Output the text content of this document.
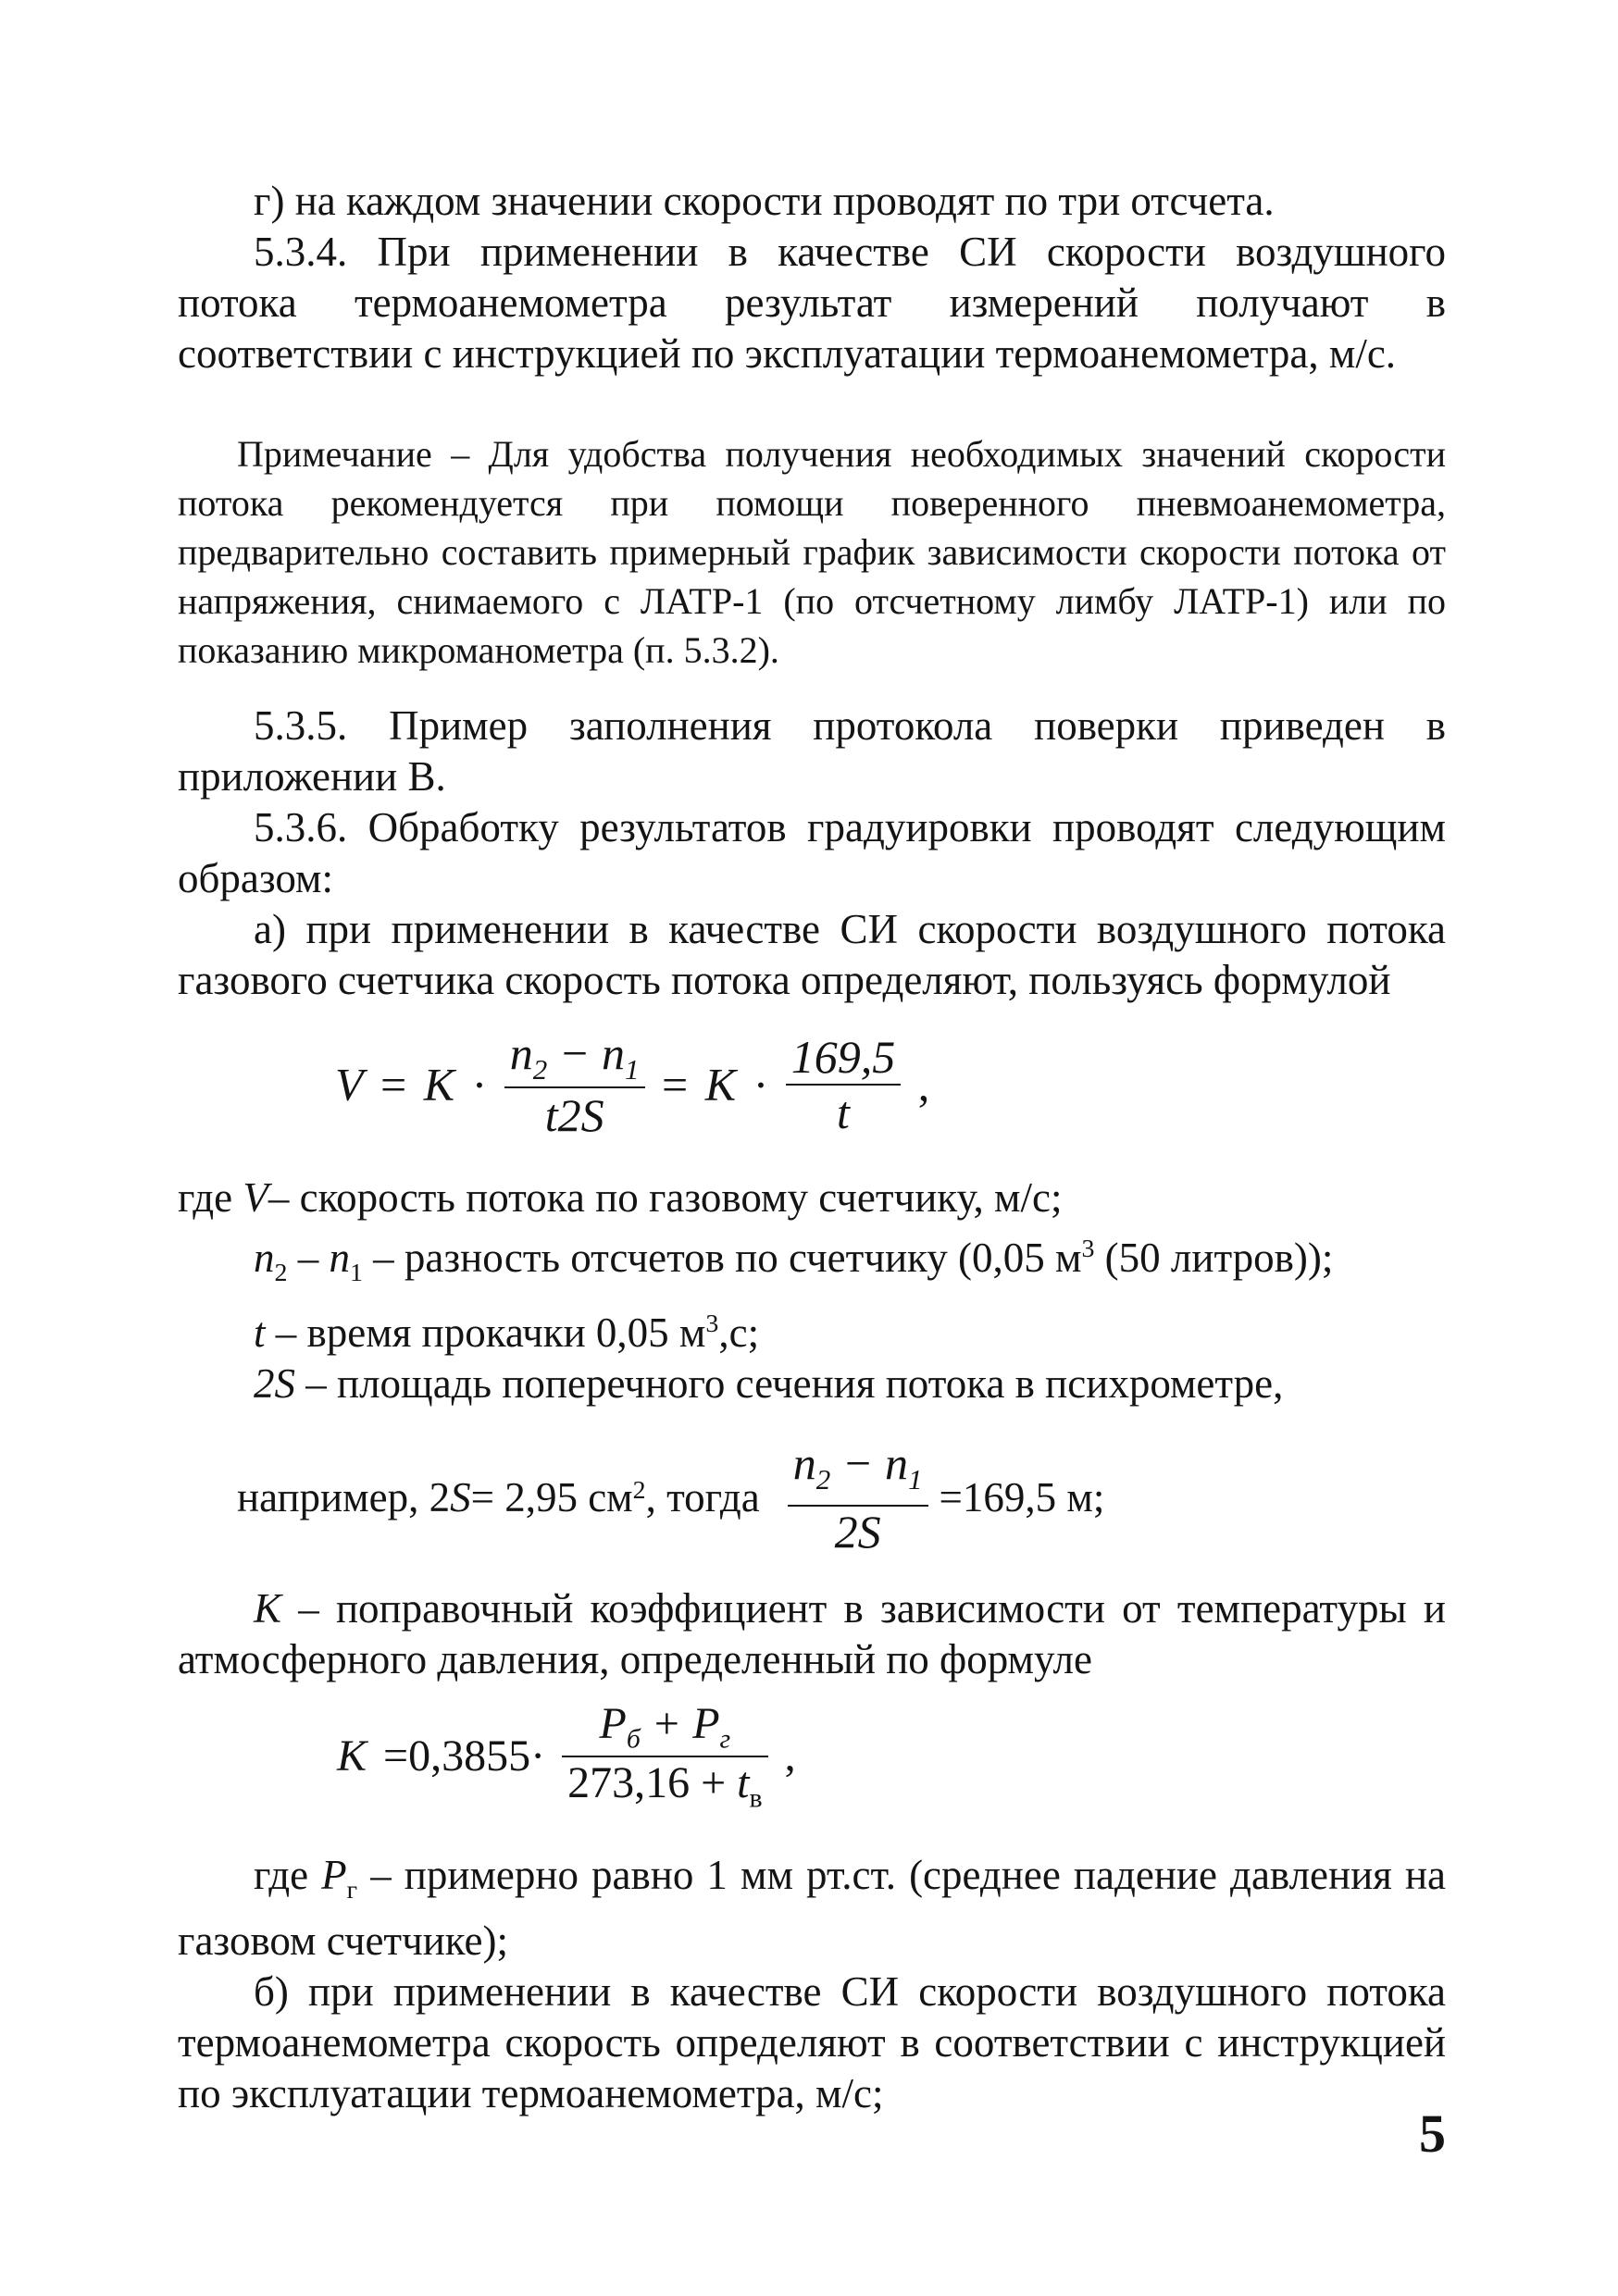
г) на каждом значении скорости проводят по три отсчета.

5.3.4. При применении в качестве СИ скорости воздушного

потока термоанемометра результат измерений получают в соответствии с инструкцией по эксплуатации термоанемометра, м/с.

Примечание – Для удобства получения необходимых значений скорости потока рекомендуется при помощи поверенного пневмоанемометра, предварительно составить примерный график зависимости скорости потока от напряжения, снимаемого с ЛАТР-1 (по отсчетному лимбу ЛАТР-1) или по показанию микроманометра (п. 5.3.2).

5.3.5. Пример заполнения протокола поверки приведен в приложении В.

5.3.6. Обработку результатов градуировки проводят следующим образом:

а) при применении в качестве СИ скорости воздушного потока газового счетчика скорость потока определяют, пользуясь формулой

$V = K \cdot \frac{n_2 - n_1}{t2S} = K \cdot \frac{169,5}{t}$ ,

где V– скорость потока по газовому счетчику, м/с;

$n_2 - n_1$ – разность отсчетов по счетчику (0,05 $м^3$ (50 литров));

t – время прокачки 0,05 $м^3,с$;

2S – площадь поперечного сечения потока в психрометре,

например, 2 S = 2,95 см 2 , тогда $\frac{n_2 - n_1}{2S} =169,5$ м;

K – поправочный коэффициент в зависимости от температуры и атмосферного давления, определенный по формуле

$K =0,3855\cdot \frac{P_б + P_г}{273,16 + t_в}$ ,

где $P_г$ – примерно равно 1 мм рт.ст. (среднее падение давления на газовом счетчике);

б) при применении в качестве СИ скорости воздушного потока термоанемометра скорость определяют в соответствии с инструкцией по эксплуатации термоанемометра, м/с;

5
